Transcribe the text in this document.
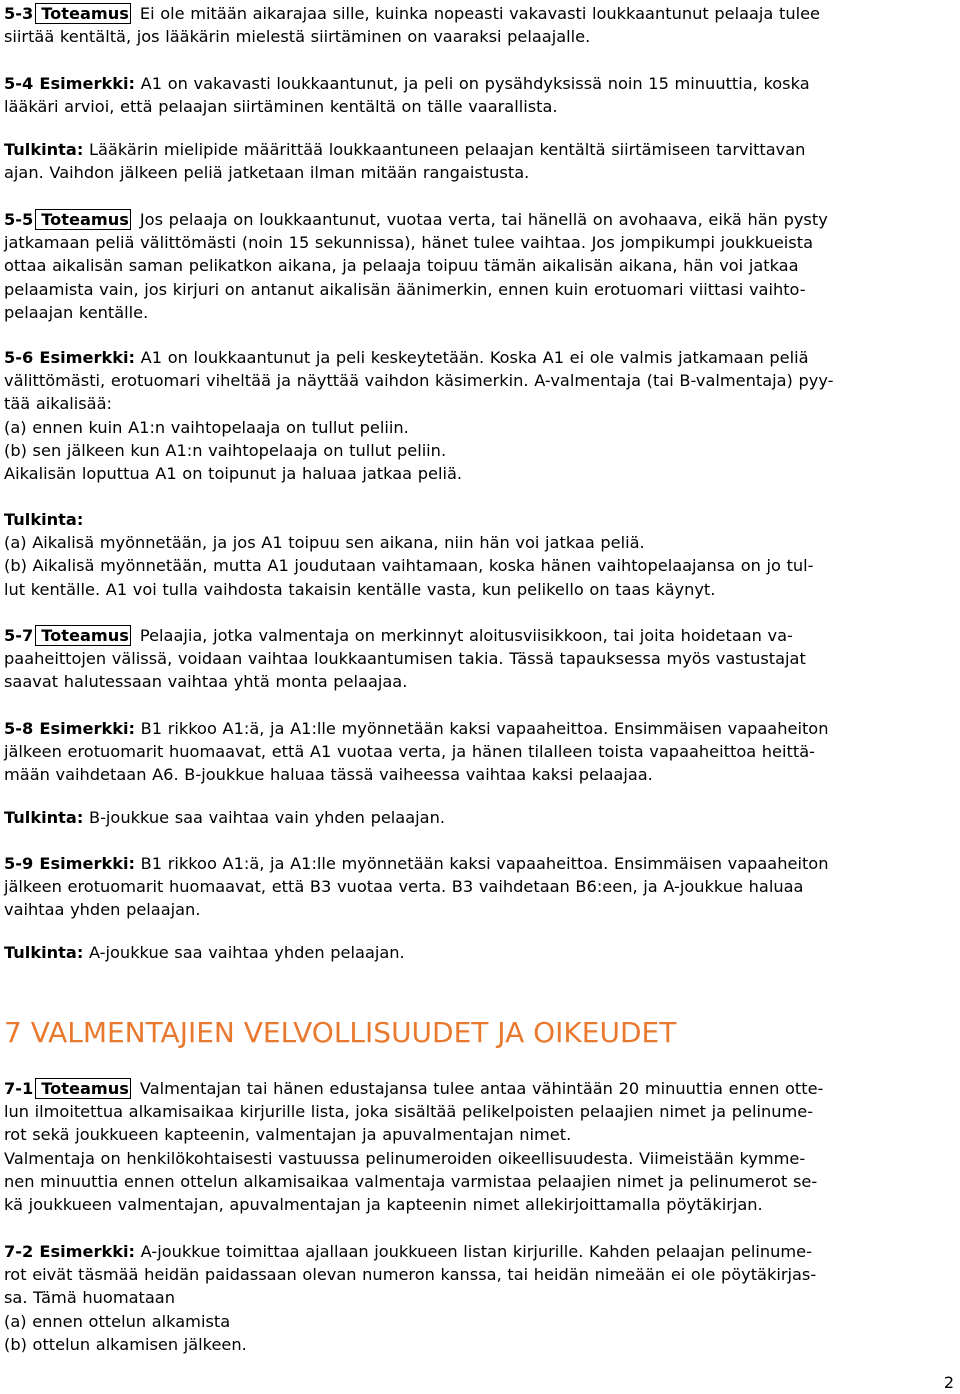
5-3 Toteamus Ei ole mitään aikarajaa sille, kuinka nopeasti vakavasti loukkaantunut pelaaja tulee
siirtää kentältä, jos lääkärin mielestä siirtäminen on vaaraksi pelaajalle.
5-4 Esimerkki: A1 on vakavasti loukkaantunut, ja peli on pysähdyksissä noin 15 minuuttia, koska
lääkäri arvioi, että pelaajan siirtäminen kentältä on tälle vaarallista.
Tulkinta: Lääkärin mielipide määrittää loukkaantuneen pelaajan kentältä siirtämiseen tarvittavan
ajan. Vaihdon jälkeen peliä jatketaan ilman mitään rangaistusta.
5-5 Toteamus Jos pelaaja on loukkaantunut, vuotaa verta, tai hänellä on avohaava, eikä hän pysty
jatkamaan peliä välittömästi (noin 15 sekunnissa), hänet tulee vaihtaa. Jos jompikumpi joukkueista
ottaa aikalisän saman pelikatkon aikana, ja pelaaja toipuu tämän aikalisän aikana, hän voi jatkaa
pelaamista vain, jos kirjuri on antanut aikalisän äänimerkin, ennen kuin erotuomari viittasi vaihto-
pelaajan kentälle.
5-6 Esimerkki: A1 on loukkaantunut ja peli keskeytetään. Koska A1 ei ole valmis jatkamaan peliä
välittömästi, erotuomari viheltää ja näyttää vaihdon käsimerkin. A-valmentaja (tai B-valmentaja) pyy-
tää aikalisää:
(a) ennen kuin A1:n vaihtopelaaja on tullut peliin.
(b) sen jälkeen kun A1:n vaihtopelaaja on tullut peliin.
Aikalisän loputtua A1 on toipunut ja haluaa jatkaa peliä.
Tulkinta:
(a) Aikalisä myönnetään, ja jos A1 toipuu sen aikana, niin hän voi jatkaa peliä.
(b) Aikalisä myönnetään, mutta A1 joudutaan vaihtamaan, koska hänen vaihtopelaajansa on jo tul-
lut kentälle. A1 voi tulla vaihdosta takaisin kentälle vasta, kun pelikello on taas käynyt.
5-7 Toteamus Pelaajia, jotka valmentaja on merkinnyt aloitusviisikkoon, tai joita hoidetaan va-
paaheittojen välissä, voidaan vaihtaa loukkaantumisen takia. Tässä tapauksessa myös vastustajat
saavat halutessaan vaihtaa yhtä monta pelaajaa.
5-8 Esimerkki: B1 rikkoo A1:ä, ja A1:lle myönnetään kaksi vapaaheittoa. Ensimmäisen vapaaheiton
jälkeen erotuomarit huomaavat, että A1 vuotaa verta, ja hänen tilalleen toista vapaaheittoa heittä-
mään vaihdetaan A6. B-joukkue haluaa tässä vaiheessa vaihtaa kaksi pelaajaa.
Tulkinta: B-joukkue saa vaihtaa vain yhden pelaajan.
5-9 Esimerkki: B1 rikkoo A1:ä, ja A1:lle myönnetään kaksi vapaaheittoa. Ensimmäisen vapaaheiton
jälkeen erotuomarit huomaavat, että B3 vuotaa verta. B3 vaihdetaan B6:een, ja A-joukkue haluaa
vaihtaa yhden pelaajan.
Tulkinta: A-joukkue saa vaihtaa yhden pelaajan.
7 VALMENTAJIEN VELVOLLISUUDET JA OIKEUDET
7-1 Toteamus Valmentajan tai hänen edustajansa tulee antaa vähintään 20 minuuttia ennen otte-
lun ilmoitettua alkamisaikaa kirjurille lista, joka sisältää pelikelpoisten pelaajien nimet ja pelinume-
rot sekä joukkueen kapteenin, valmentajan ja apuvalmentajan nimet.
Valmentaja on henkilökohtaisesti vastuussa pelinumeroiden oikeellisuudesta. Viimeistään kymme-
nen minuuttia ennen ottelun alkamisaikaa valmentaja varmistaa pelaajien nimet ja pelinumerot se-
kä joukkueen valmentajan, apuvalmentajan ja kapteenin nimet allekirjoittamalla pöytäkirjan.
7-2 Esimerkki: A-joukkue toimittaa ajallaan joukkueen listan kirjurille. Kahden pelaajan pelinume-
rot eivät täsmää heidän paidassaan olevan numeron kanssa, tai heidän nimeään ei ole pöytäkirjas-
sa. Tämä huomataan
(a) ennen ottelun alkamista
(b) ottelun alkamisen jälkeen.
2
